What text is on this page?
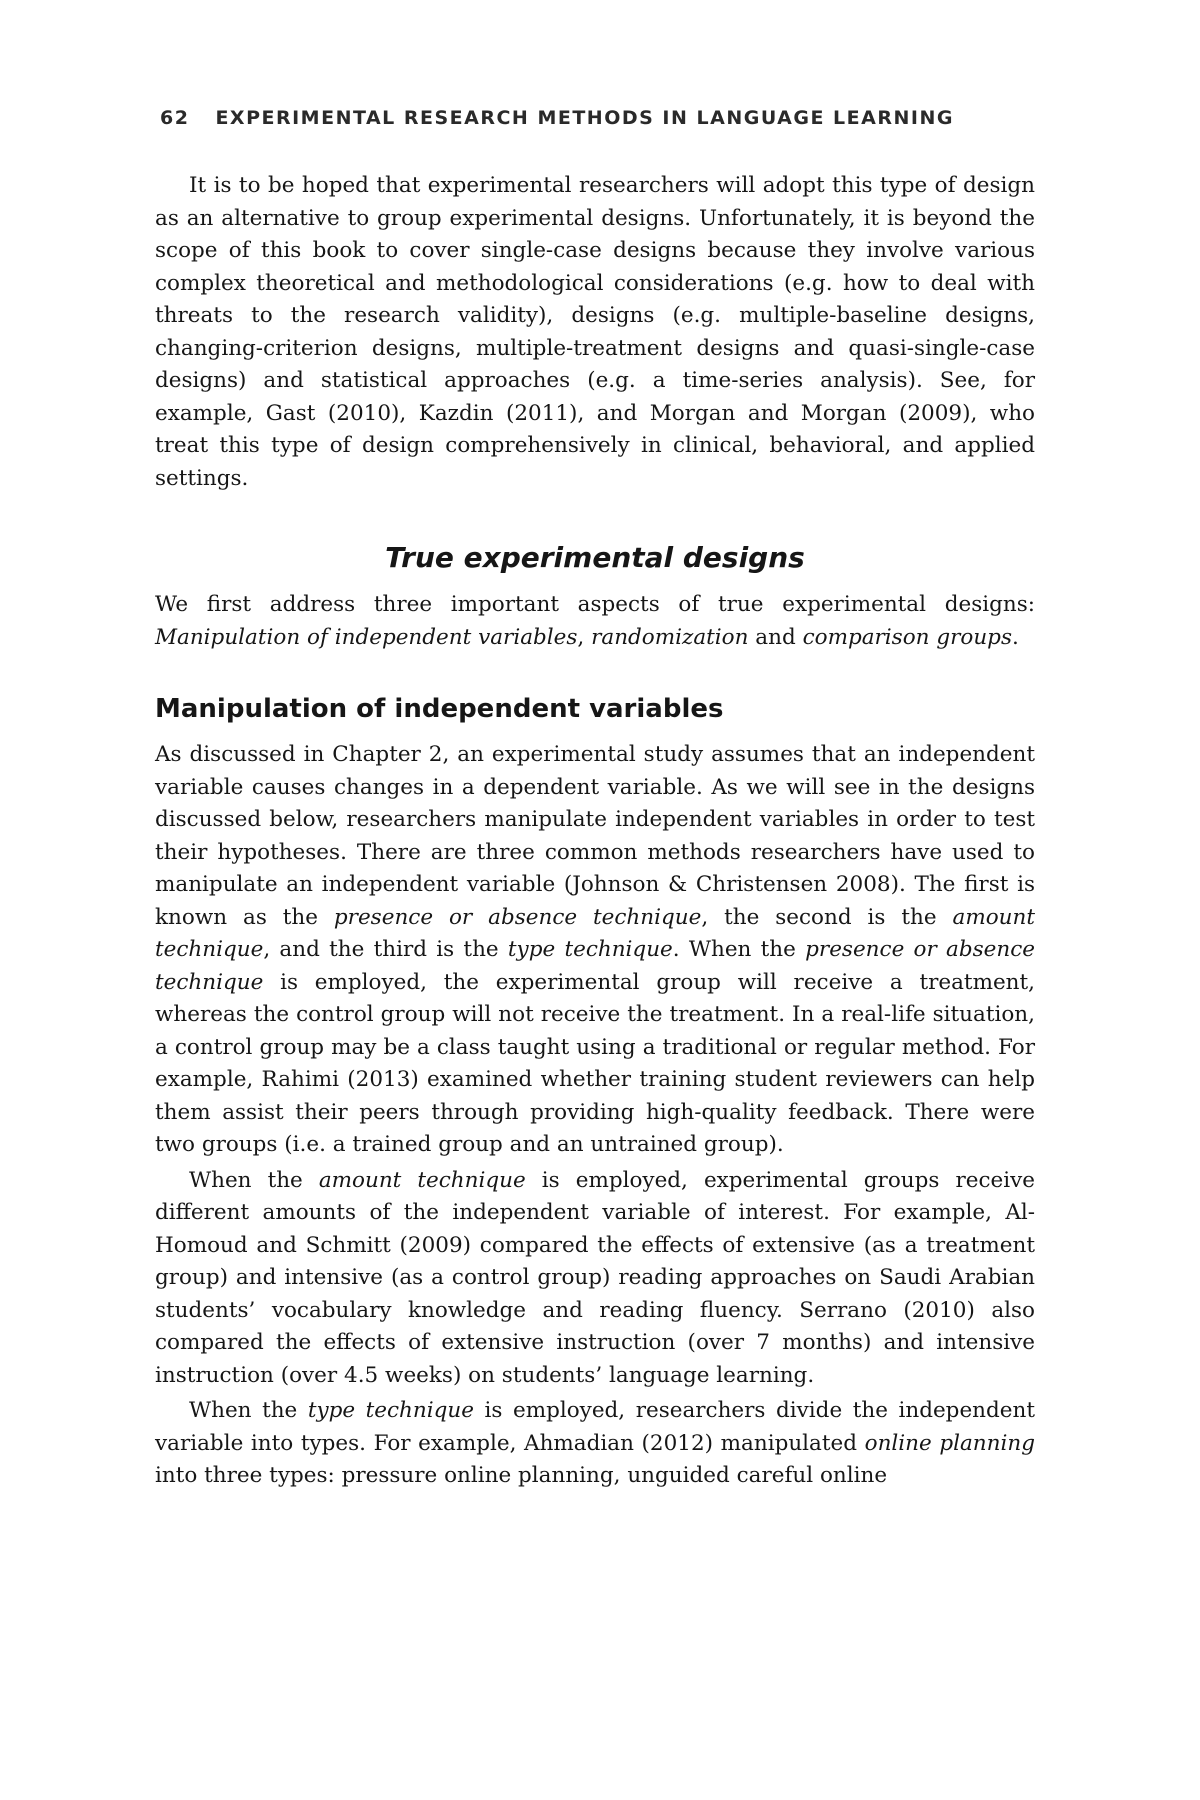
62 EXPERIMENTAL RESEARCH METHODS IN LANGUAGE LEARNING

It is to be hoped that experimental researchers will adopt this type of design as an alternative to group experimental designs. Unfortunately, it is beyond the scope of this book to cover single-case designs because they involve various complex theoretical and methodological considerations (e.g. how to deal with threats to the research validity), designs (e.g. multiple-baseline designs, changing-criterion designs, multiple-treatment designs and quasi-single-case designs) and statistical approaches (e.g. a time-series analysis). See, for example, Gast (2010), Kazdin (2011), and Morgan and Morgan (2009), who treat this type of design comprehensively in clinical, behavioral, and applied settings.

True experimental designs

We first address three important aspects of true experimental designs: Manipulation of independent variables, randomization and comparison groups.

Manipulation of independent variables

As discussed in Chapter 2, an experimental study assumes that an independent variable causes changes in a dependent variable. As we will see in the designs discussed below, researchers manipulate independent variables in order to test their hypotheses. There are three common methods researchers have used to manipulate an independent variable (Johnson & Christensen 2008). The first is known as the presence or absence technique, the second is the amount technique, and the third is the type technique. When the presence or absence technique is employed, the experimental group will receive a treatment, whereas the control group will not receive the treatment. In a real-life situation, a control group may be a class taught using a traditional or regular method. For example, Rahimi (2013) examined whether training student reviewers can help them assist their peers through providing high-quality feedback. There were two groups (i.e. a trained group and an untrained group).

When the amount technique is employed, experimental groups receive different amounts of the independent variable of interest. For example, Al-Homoud and Schmitt (2009) compared the effects of extensive (as a treatment group) and intensive (as a control group) reading approaches on Saudi Arabian students’ vocabulary knowledge and reading fluency. Serrano (2010) also compared the effects of extensive instruction (over 7 months) and intensive instruction (over 4.5 weeks) on students’ language learning.

When the type technique is employed, researchers divide the independent variable into types. For example, Ahmadian (2012) manipulated online planning into three types: pressure online planning, unguided careful online
